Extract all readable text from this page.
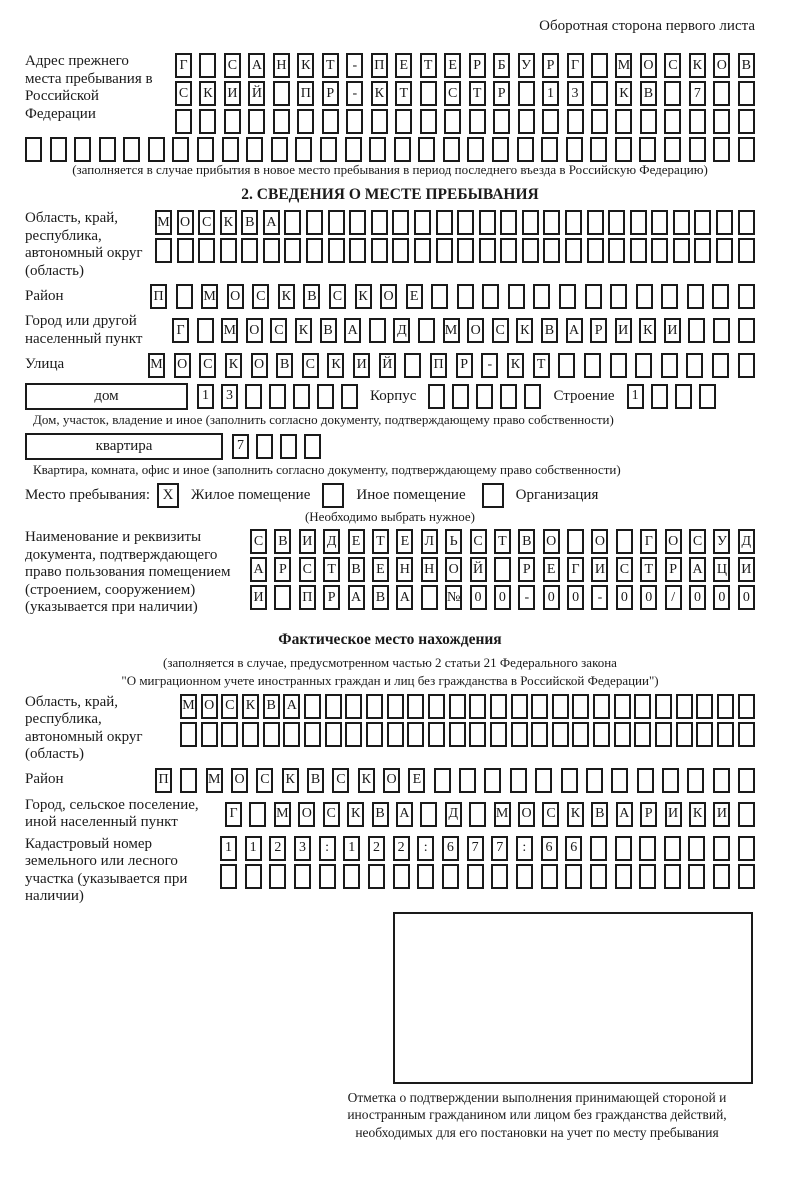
Оборотная сторона первого листа
Адрес прежнего места пребывания в Российской Федерации
Г	С А Н К	Т	-	П	Е	Т	Е	Р	Б	У	Р	Г	М О С К О В
С К И Й	П	Р	-	К	Т	С	Т	Р	1	3	К В	7
(заполняется в случае прибытия в новое место пребывания в период последнего въезда в Российскую Федерацию)
2. СВЕДЕНИЯ О МЕСТЕ ПРЕБЫВАНИЯ
Область, край, республика, автономный округ (область)
М О С К В А
Район	П	М О С К В С К О	Е
Город или другой населенный пункт
Г	М О С К В А	Д	М О С К В А	Р	И К И
Улица	М О С К О В С К И Й	П	Р	-	К	Т
дом	1	3	Корпус	Строение	1
Дом, участок, владение и иное (заполнить согласно документу, подтверждающему право собственности)
квартира	7
Квартира, комната, офис и иное (заполнить согласно документу, подтверждающему право собственности)
Место пребывания: X	Жилое помещение	Иное помещение	Организация
(Необходимо выбрать нужное)
Наименование и реквизиты документа, подтверждающего право пользования помещением (строением, сооружением) (указывается при наличии)
С В И Д	Е	Т	Е	Л	Ь	С	Т	В О	О	Г	О С У Д
А	Р	С	Т	В	Е	Н Н О Й	Р	Е	Г	И С	Т	Р	А Ц И
И	П	Р	А В А	№	0	0	-	0	0	-	0	0	/	0	0	0
Фактическое место нахождения
(заполняется в случае, предусмотренном частью 2 статьи 21 Федерального закона
"О миграционном учете иностранных граждан и лиц без гражданства в Российской Федерации")
Область, край, республика, автономный округ (область)
М О С К В А
Район	П	М О С К В С К О	Е
Город, сельское поселение, иной населенный пункт
Г	М О С К В А	Д	М О С К В А	Р	И К И
Кадастровый номер земельного или лесного участка (указывается при наличии)
1	1	2	3	:	1	2	2	:	6	7	7	:	6	6
Отметка о подтверждении выполнения принимающей стороной и иностранным гражданином или лицом без гражданства действий, необходимых для его постановки на учет по месту пребывания
